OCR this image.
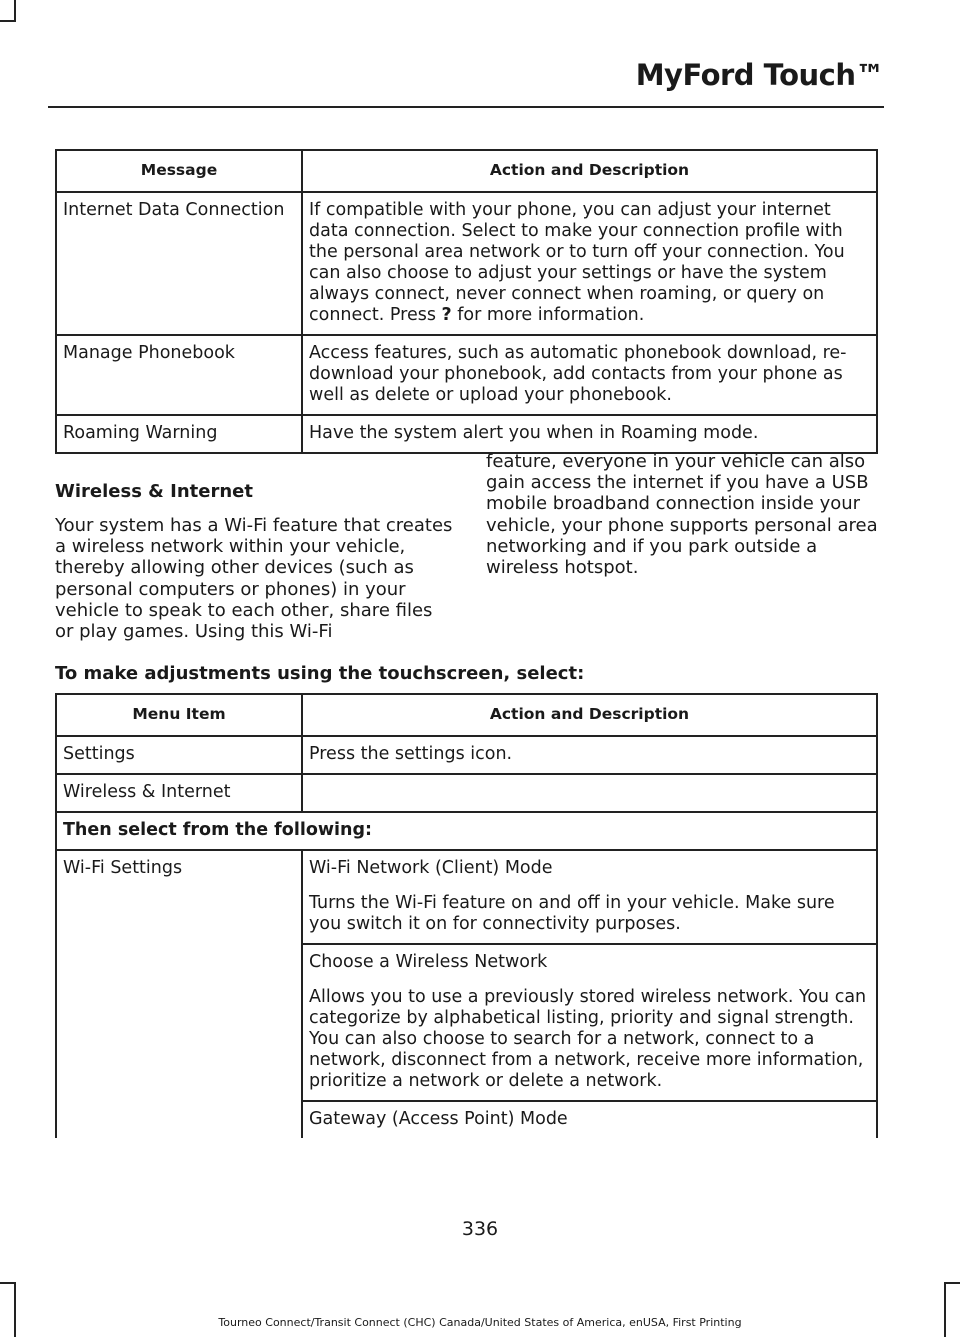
MyFord Touch™
Message	Action and Description
Internet Data Connection	If compatible with your phone, you can adjust your internet data connection. Select to make your connection profile with the personal area network or to turn off your connection. You can also choose to adjust your settings or have the system always connect, never connect when roaming, or query on connect. Press ? for more information.
Manage Phonebook	Access features, such as automatic phonebook download, re-download your phonebook, add contacts from your phone as well as delete or upload your phonebook.
Roaming Warning	Have the system alert you when in Roaming mode.
Wireless & Internet

Your system has a Wi-Fi feature that creates a wireless network within your vehicle, thereby allowing other devices (such as personal computers or phones) in your vehicle to speak to each other, share files or play games. Using this Wi-Fi

feature, everyone in your vehicle can also gain access the internet if you have a USB mobile broadband connection inside your vehicle, your phone supports personal area networking and if you park outside a wireless hotspot.

To make adjustments using the touchscreen, select:
Menu Item	Action and Description
Settings	Press the settings icon.
Wireless & Internet	
Then select from the following:	
Wi-Fi Settings	Wi-Fi Network (Client) Mode

Turns the Wi-Fi feature on and off in your vehicle. Make sure you switch it on for connectivity purposes.

	Choose a Wireless Network

Allows you to use a previously stored wireless network. You can categorize by alphabetical listing, priority and signal strength. You can also choose to search for a network, connect to a network, disconnect from a network, receive more information, prioritize a network or delete a network.

	Gateway (Access Point) Mode

336
Tourneo Connect/Transit Connect (CHC) Canada/United States of America, enUSA, First Printing
